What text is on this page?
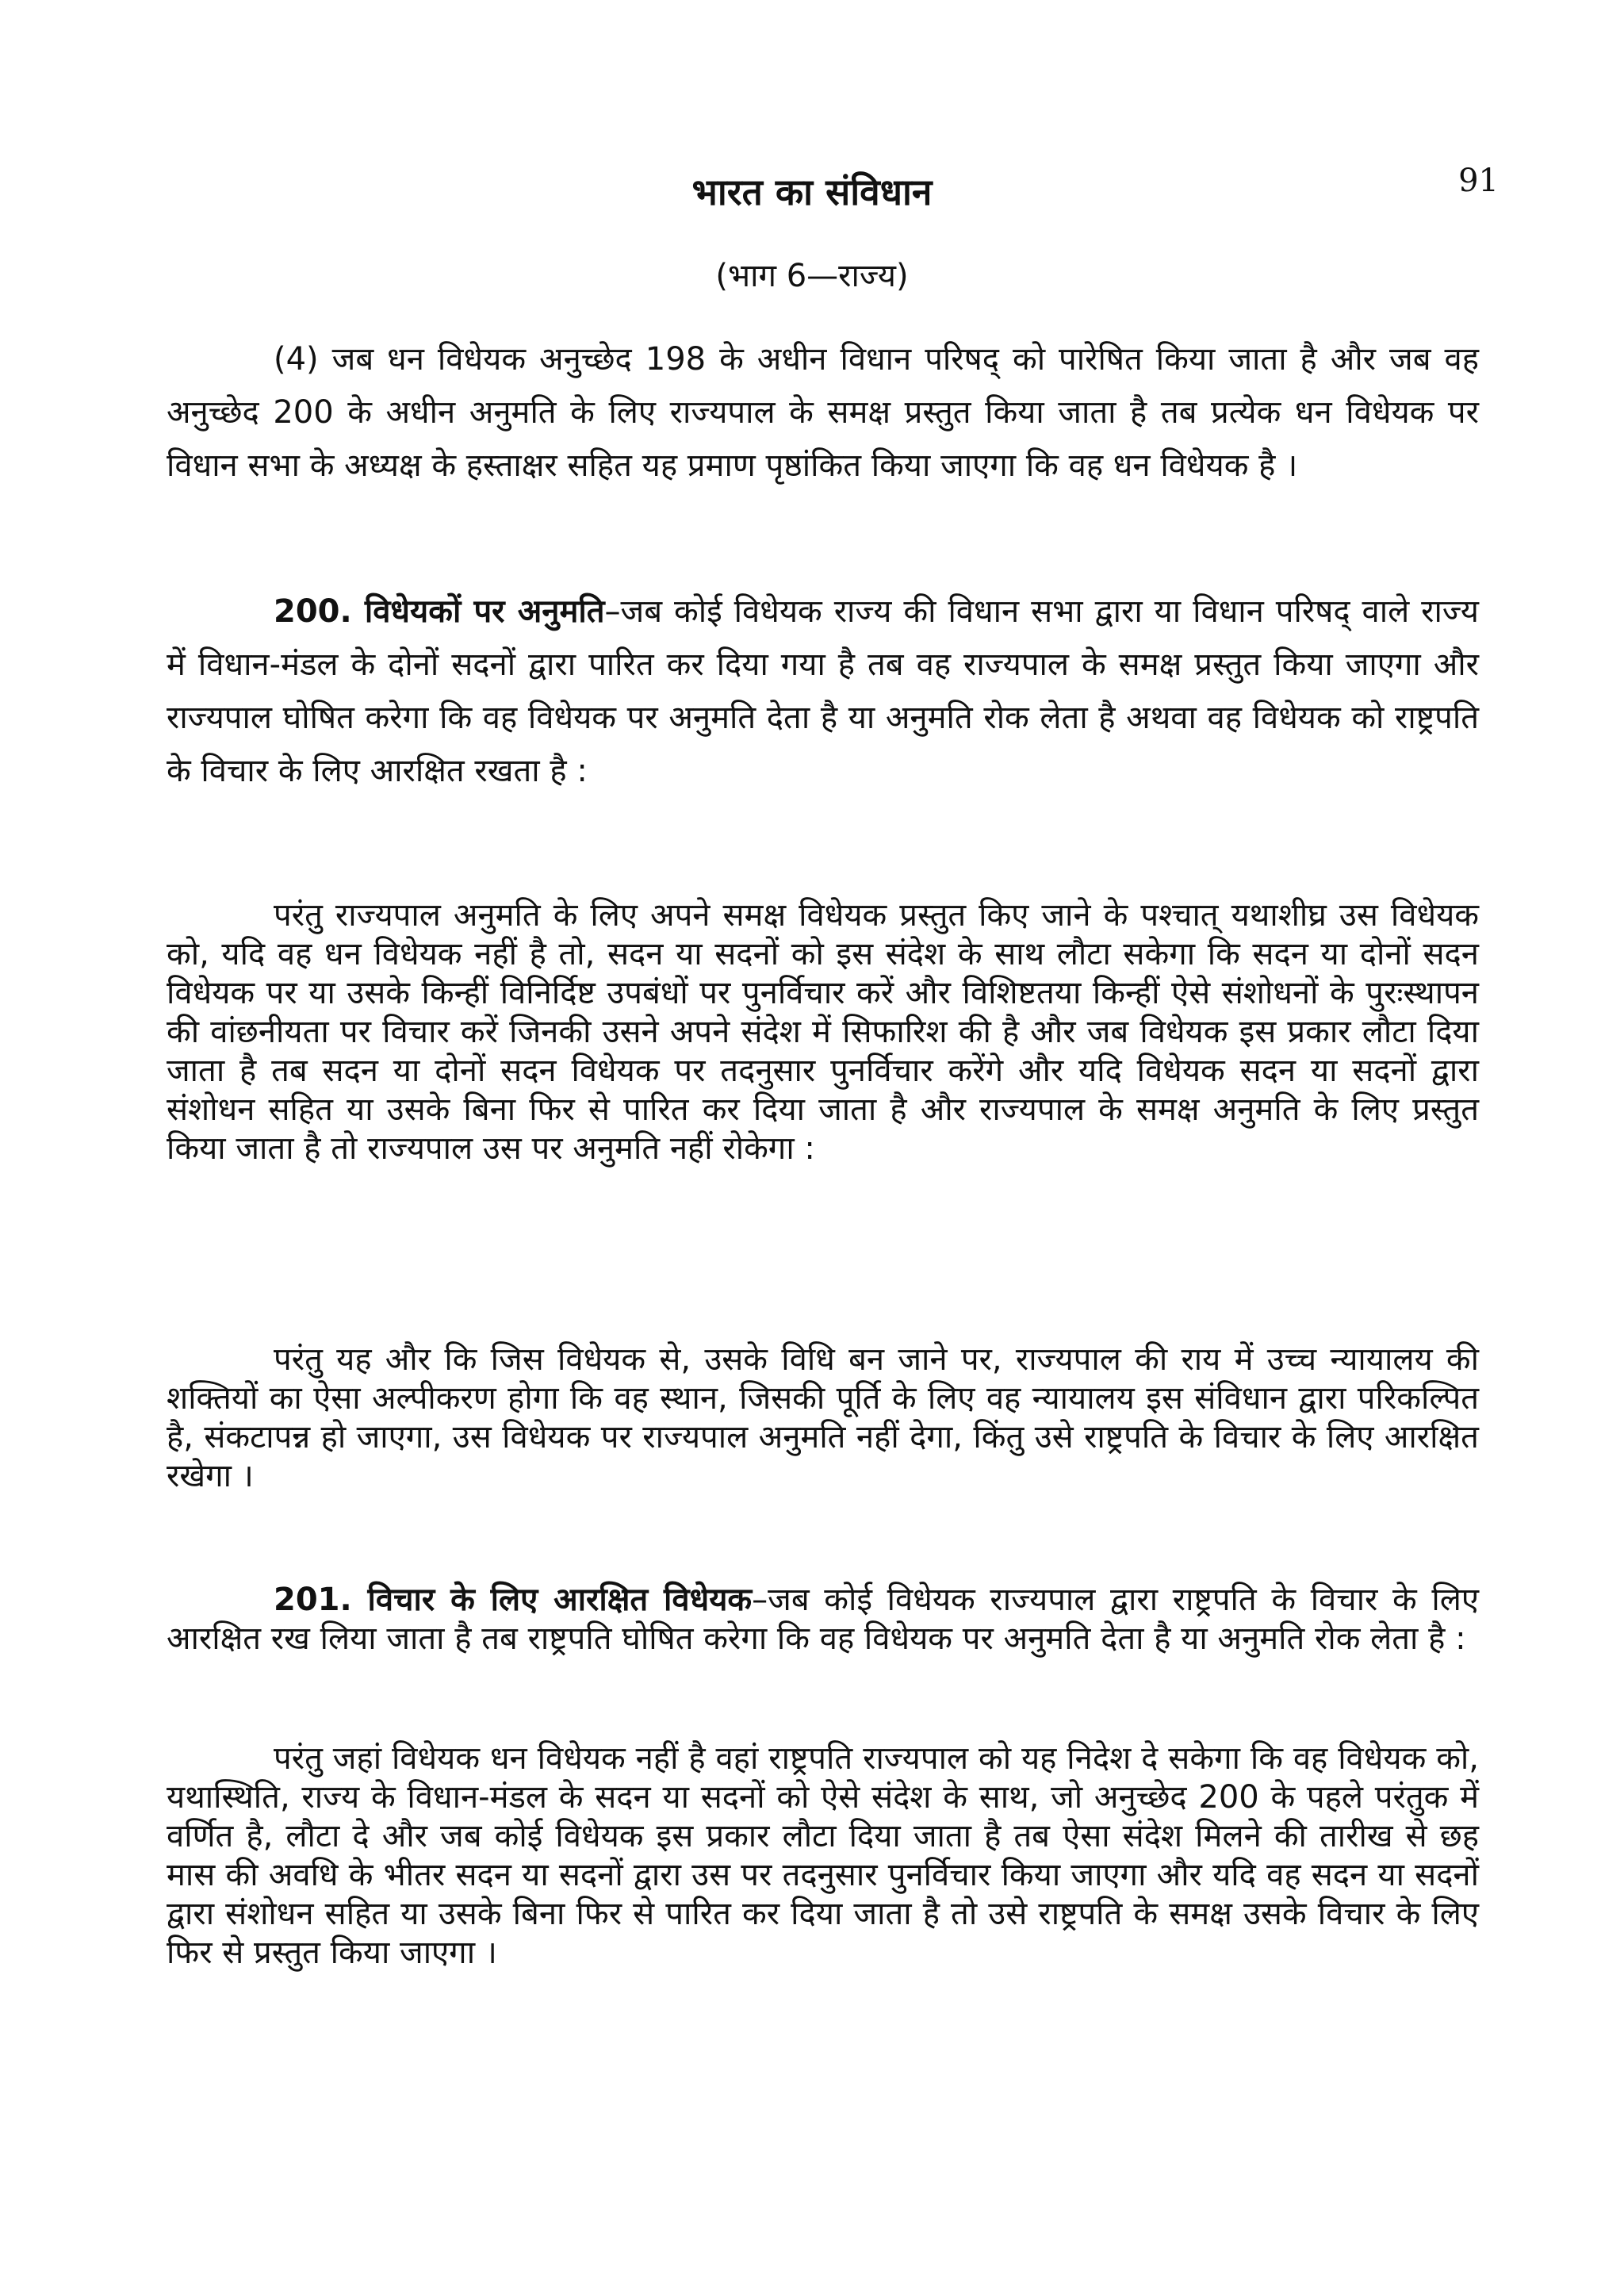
91
भारत का संविधान
(भाग 6—राज्य)

(4) जब धन विधेयक अनुच्छेद 198 के अधीन विधान परिषद् को पारेषित किया जाता है और जब वह अनुच्छेद 200 के अधीन अनुमति के लिए राज्यपाल के समक्ष प्रस्तुत किया जाता है तब प्रत्येक धन विधेयक पर विधान सभा के अध्यक्ष के हस्ताक्षर सहित यह प्रमाण पृष्ठांकित किया जाएगा कि वह धन विधेयक है ।

200. विधेयकों पर अनुमति–जब कोई विधेयक राज्य की विधान सभा द्वारा या विधान परिषद् वाले राज्य में विधान-मंडल के दोनों सदनों द्वारा पारित कर दिया गया है तब वह राज्यपाल के समक्ष प्रस्तुत किया जाएगा और राज्यपाल घोषित करेगा कि वह विधेयक पर अनुमति देता है या अनुमति रोक लेता है अथवा वह विधेयक को राष्ट्रपति के विचार के लिए आरक्षित रखता है :

परंतु राज्यपाल अनुमति के लिए अपने समक्ष विधेयक प्रस्तुत किए जाने के पश्चात् यथाशीघ्र उस विधेयक को, यदि वह धन विधेयक नहीं है तो, सदन या सदनों को इस संदेश के साथ लौटा सकेगा कि सदन या दोनों सदन विधेयक पर या उसके किन्हीं विनिर्दिष्ट उपबंधों पर पुनर्विचार करें और विशिष्टतया किन्हीं ऐसे संशोधनों के पुरःस्थापन की वांछनीयता पर विचार करें जिनकी उसने अपने संदेश में सिफारिश की है और जब विधेयक इस प्रकार लौटा दिया जाता है तब सदन या दोनों सदन विधेयक पर तदनुसार पुनर्विचार करेंगे और यदि विधेयक सदन या सदनों द्वारा संशोधन सहित या उसके बिना फिर से पारित कर दिया जाता है और राज्यपाल के समक्ष अनुमति के लिए प्रस्तुत किया जाता है तो राज्यपाल उस पर अनुमति नहीं रोकेगा :

परंतु यह और कि जिस विधेयक से, उसके विधि बन जाने पर, राज्यपाल की राय में उच्च न्यायालय की शक्तियों का ऐसा अल्पीकरण होगा कि वह स्थान, जिसकी पूर्ति के लिए वह न्यायालय इस संविधान द्वारा परिकल्पित है, संकटापन्न हो जाएगा, उस विधेयक पर राज्यपाल अनुमति नहीं देगा, किंतु उसे राष्ट्रपति के विचार के लिए आरक्षित रखेगा ।

201. विचार के लिए आरक्षित विधेयक–जब कोई विधेयक राज्यपाल द्वारा राष्ट्रपति के विचार के लिए आरक्षित रख लिया जाता है तब राष्ट्रपति घोषित करेगा कि वह विधेयक पर अनुमति देता है या अनुमति रोक लेता है :

परंतु जहां विधेयक धन विधेयक नहीं है वहां राष्ट्रपति राज्यपाल को यह निदेश दे सकेगा कि वह विधेयक को, यथास्थिति, राज्य के विधान-मंडल के सदन या सदनों को ऐसे संदेश के साथ, जो अनुच्छेद 200 के पहले परंतुक में वर्णित है, लौटा दे और जब कोई विधेयक इस प्रकार लौटा दिया जाता है तब ऐसा संदेश मिलने की तारीख से छह मास की अवधि के भीतर सदन या सदनों द्वारा उस पर तदनुसार पुनर्विचार किया जाएगा और यदि वह सदन या सदनों द्वारा संशोधन सहित या उसके बिना फिर से पारित कर दिया जाता है तो उसे राष्ट्रपति के समक्ष उसके विचार के लिए फिर से प्रस्तुत किया जाएगा ।
